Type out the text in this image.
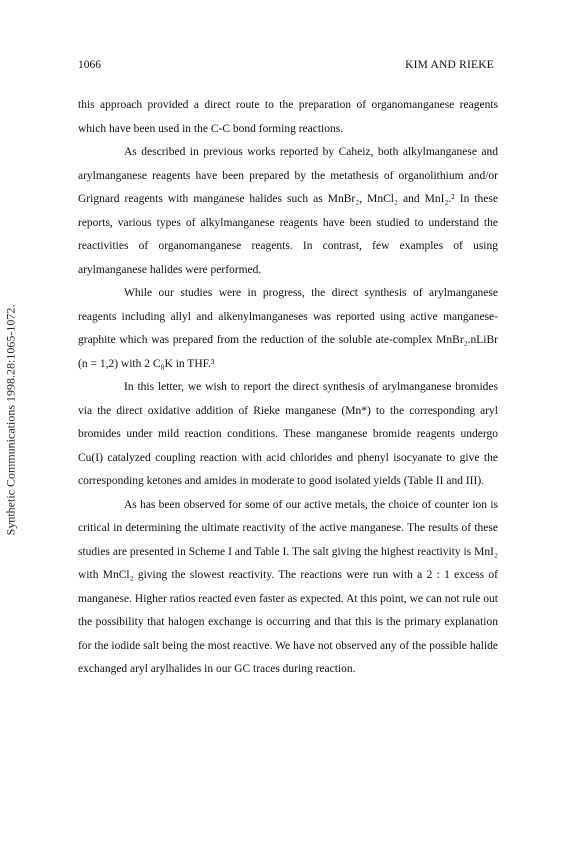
1066	KIM AND RIEKE
Synthetic Communications 1998.28:1065-1072.

this approach provided a direct route to the preparation of organomanganese reagents which have been used in the C-C bond forming reactions.

As described in previous works reported by Caheiz, both alkylmanganese and arylmanganese reagents have been prepared by the metathesis of organolithium and/or Grignard reagents with manganese halides such as MnBr₂, MnCl₂ and MnI₂.² In these reports, various types of alkylmanganese reagents have been studied to understand the reactivities of organomanganese reagents. In contrast, few examples of using arylmanganese halides were performed.

While our studies were in progress, the direct synthesis of arylmanganese reagents including allyl and alkenylmanganeses was reported using active manganese-graphite which was prepared from the reduction of the soluble ate-complex MnBr₂.nLiBr (n = 1,2) with 2 C₈K in THF.³

In this letter, we wish to report the direct synthesis of arylmanganese bromides via the direct oxidative addition of Rieke manganese (Mn*) to the corresponding aryl bromides under mild reaction conditions. These manganese bromide reagents undergo Cu(I) catalyzed coupling reaction with acid chlorides and phenyl isocyanate to give the corresponding ketones and amides in moderate to good isolated yields (Table II and III).

As has been observed for some of our active metals, the choice of counter ion is critical in determining the ultimate reactivity of the active manganese. The results of these studies are presented in Scheme I and Table I. The salt giving the highest reactivity is MnI₂ with MnCl₂ giving the slowest reactivity. The reactions were run with a 2 : 1 excess of manganese. Higher ratios reacted even faster as expected. At this point, we can not rule out the possibility that halogen exchange is occurring and that this is the primary explanation for the iodide salt being the most reactive. We have not observed any of the possible halide exchanged aryl arylhalides in our GC traces during reaction.
